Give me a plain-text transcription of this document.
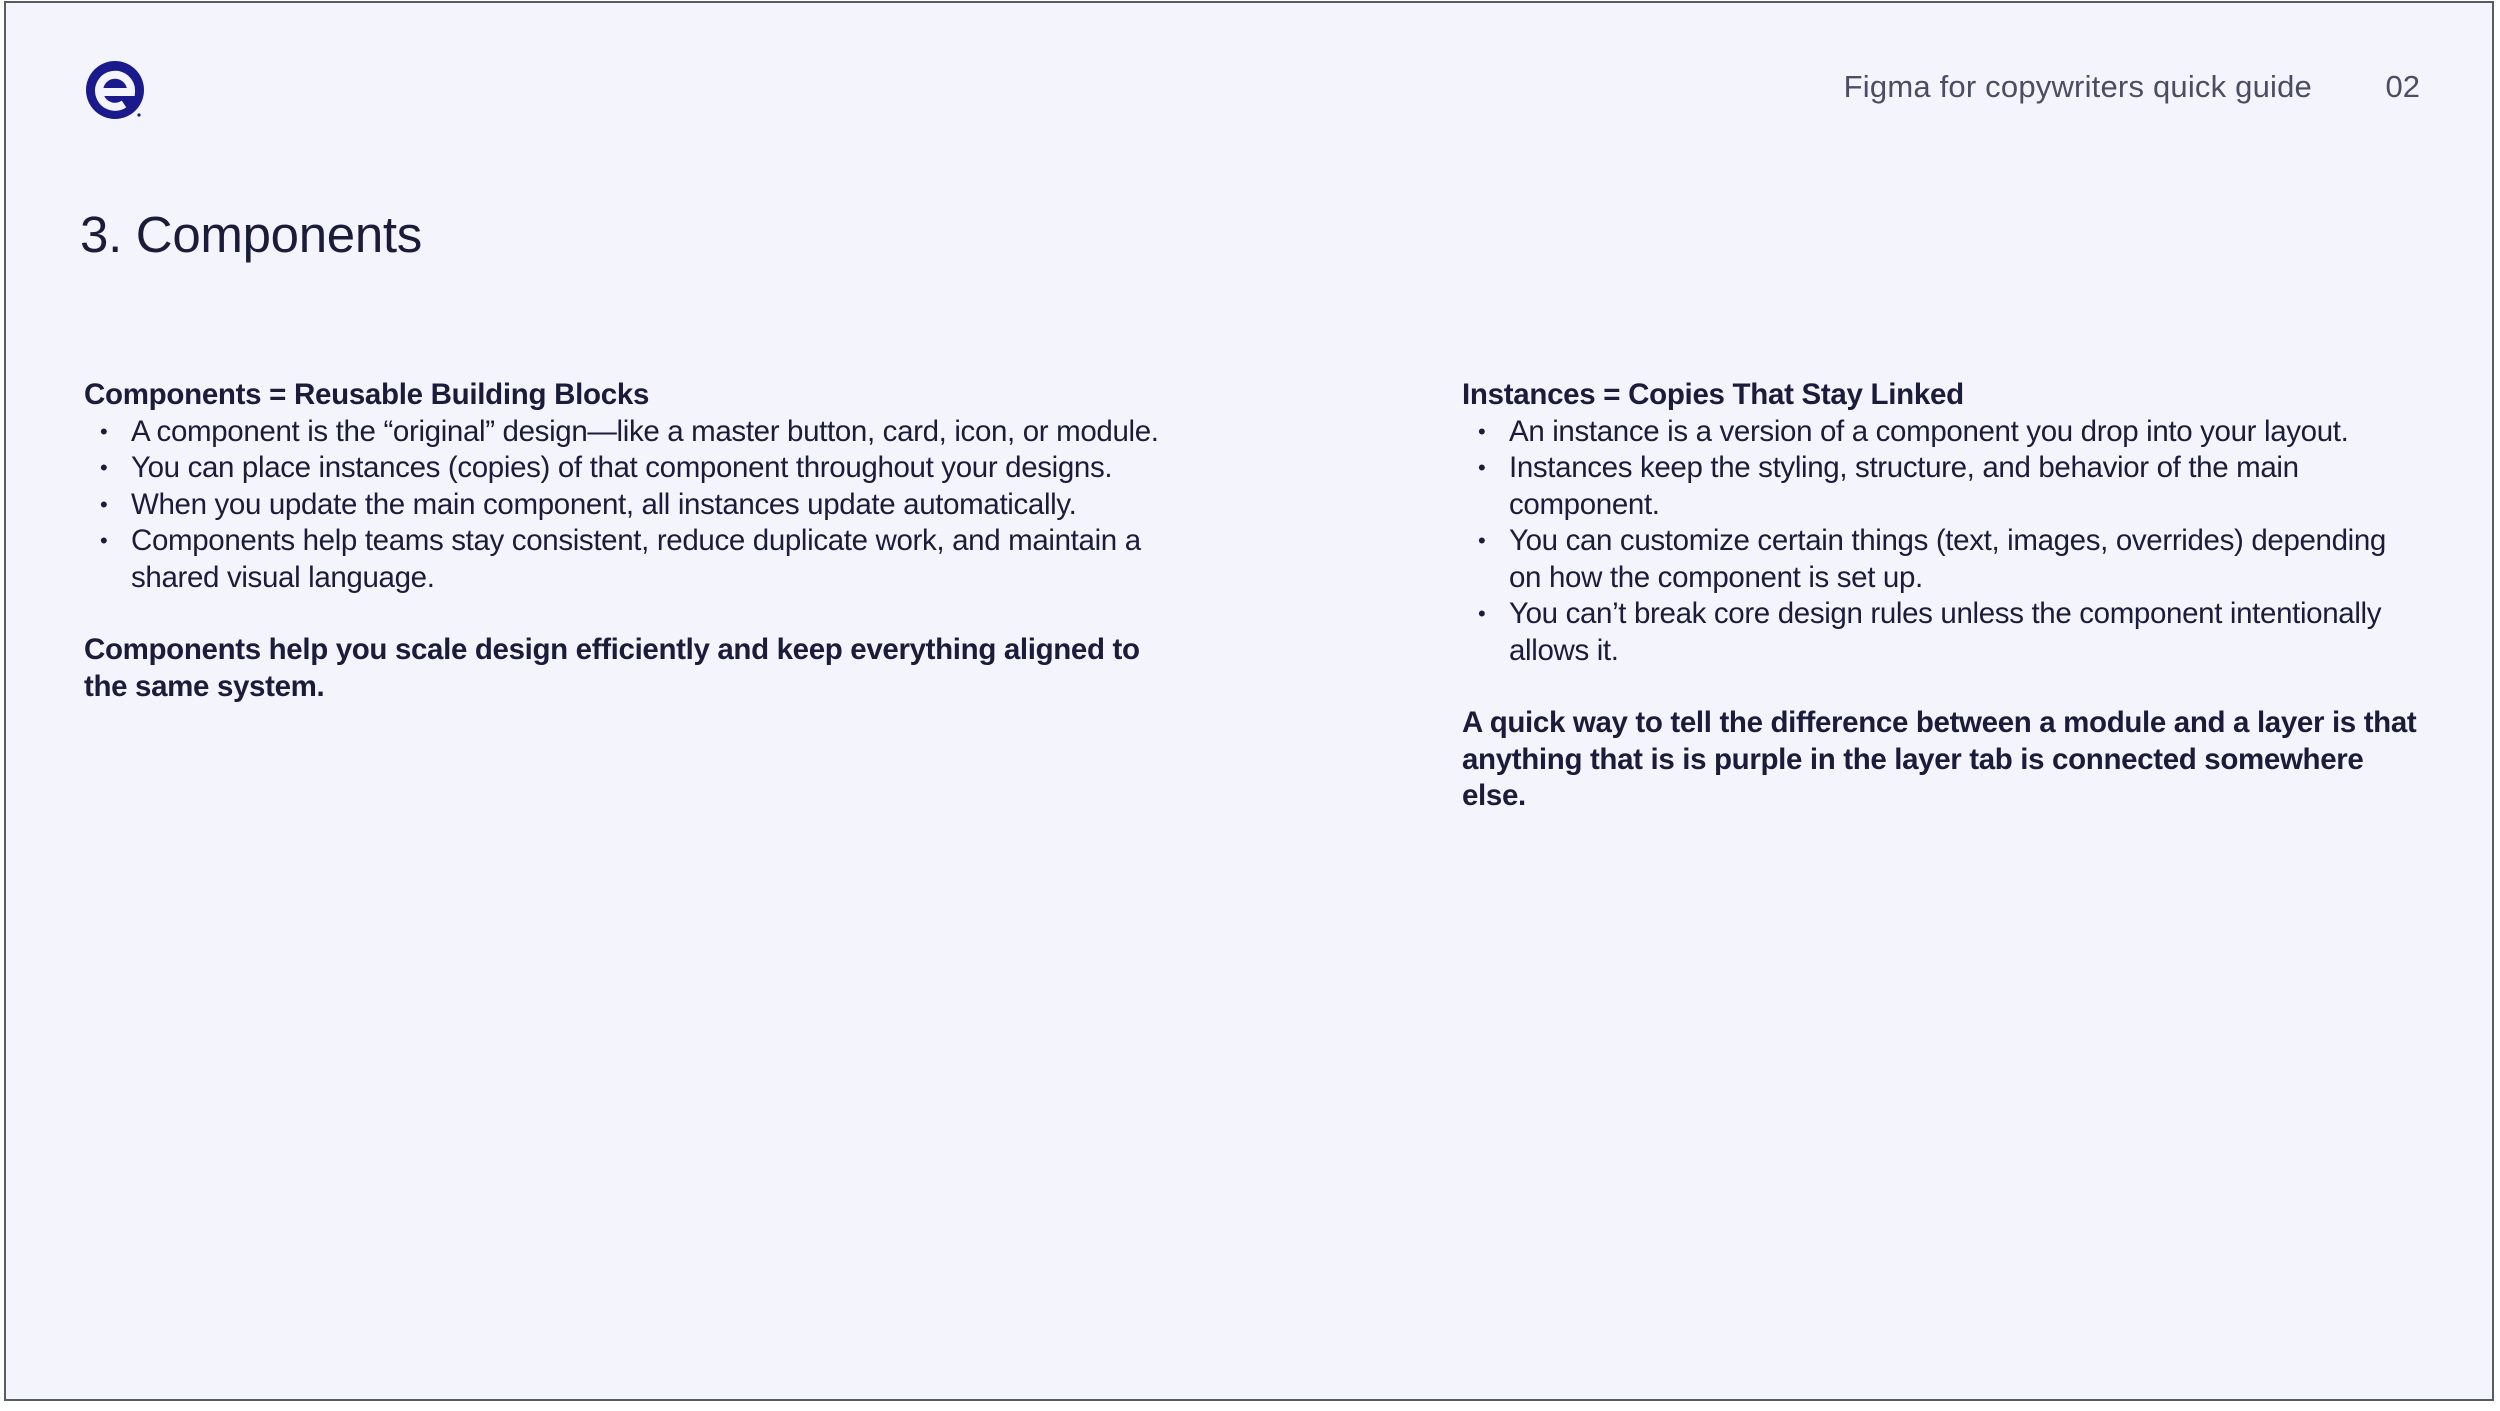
Figma for copywriters quick guide 02
3. Components

Components = Reusable Building Blocks

• A component is the “original” design—like a master button, card, icon, or module.
• You can place instances (copies) of that component throughout your designs.
• When you update the main component, all instances update automatically.
• Components help teams stay consistent, reduce duplicate work, and maintain a shared visual language.

Components help you scale design efficiently and keep everything aligned to the same system.

Instances = Copies That Stay Linked

• An instance is a version of a component you drop into your layout.
• Instances keep the styling, structure, and behavior of the main component.
• You can customize certain things (text, images, overrides) depending on how the component is set up.
• You can’t break core design rules unless the component intentionally allows it.

A quick way to tell the difference between a module and a layer is that anything that is is purple in the layer tab is connected somewhere else.
